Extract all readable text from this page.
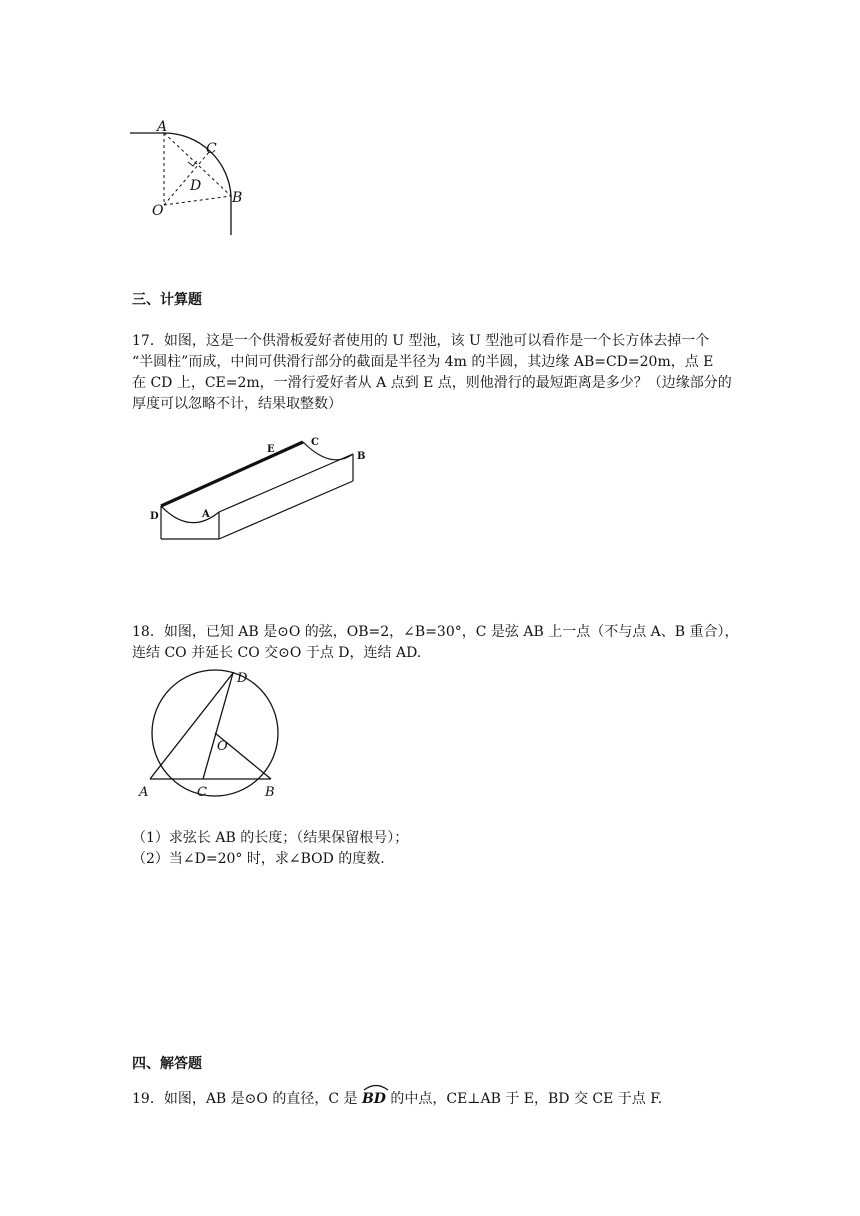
A
C
D
O
B
三、计算题
17．如图，这是一个供滑板爱好者使用的 U 型池，该 U 型池可以看作是一个长方体去掉一个
“半圆柱”而成，中间可供滑行部分的截面是半径为 4m 的半圆，其边缘 AB=CD=20m，点 E
在 CD 上，CE=2m，一滑行爱好者从 A 点到 E 点，则他滑行的最短距离是多少？（边缘部分的
厚度可以忽略不计，结果取整数）
E
C
B
D	A
18．如图，已知 AB 是⊙O 的弦，OB=2，∠B=30°，C 是弦 AB 上一点（不与点 A、B 重合），
连结 CO 并延长 CO 交⊙O 于点 D，连结 AD.
D
O
A	C	B
（1）求弦长 AB 的长度；（结果保留根号）；
（2）当∠D=20° 时，求∠BOD 的度数.
四、解答题
19．如图，AB 是⊙O 的直径，C 是 BD 的中点，CE⊥AB 于 E，BD 交 CE 于点 F.
